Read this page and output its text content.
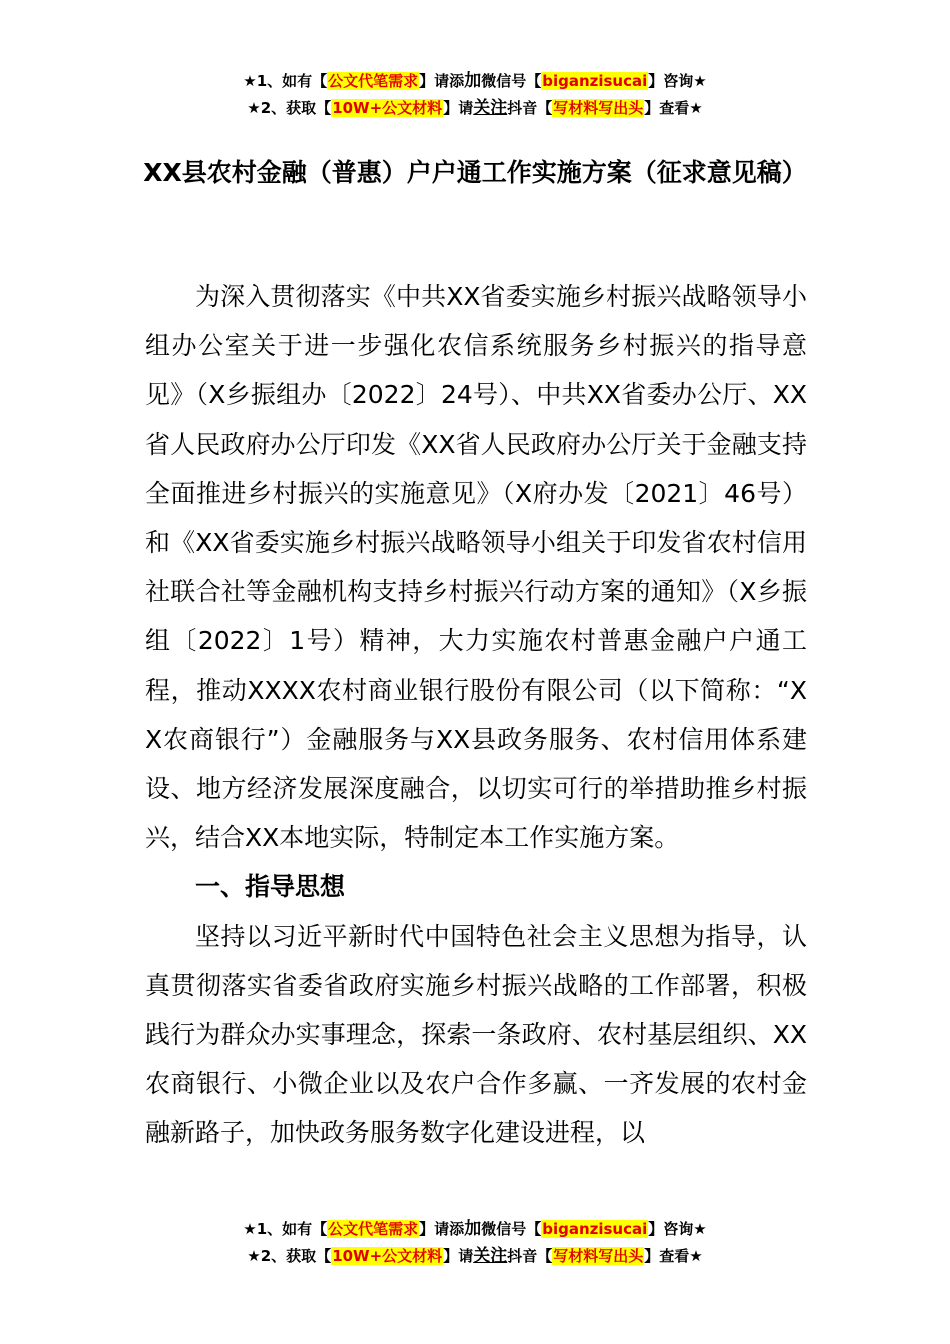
★1、如有【公文代笔需求】请添加微信号【biganzisucai】咨询★
★2、获取【10W+公文材料】请关注抖音【写材料写出头】查看★
XX县农村金融（普惠）户户通工作实施方案（征求意见稿）

为深入贯彻落实《中共XX省委实施乡村振兴战略领导小组办公室关于进一步强化农信系统服务乡村振兴的指导意见》（X乡振组办〔2022〕24号）、中共XX省委办公厅、XX省人民政府办公厅印发《XX省人民政府办公厅关于金融支持全面推进乡村振兴的实施意见》（X府办发〔2021〕46号）和《XX省委实施乡村振兴战略领导小组关于印发省农村信用社联合社等金融机构支持乡村振兴行动方案的通知》（X乡振组〔2022〕1号）精神，大力实施农村普惠金融户户通工程，推动XXXX农村商业银行股份有限公司（以下简称：“XX农商银行”）金融服务与XX县政务服务、农村信用体系建设、地方经济发展深度融合，以切实可行的举措助推乡村振兴，结合XX本地实际，特制定本工作实施方案。

一、指导思想

坚持以习近平新时代中国特色社会主义思想为指导，认真贯彻落实省委省政府实施乡村振兴战略的工作部署，积极践行为群众办实事理念，探索一条政府、农村基层组织、XX农商银行、小微企业以及农户合作多赢、一齐发展的农村金融新路子，加快政务服务数字化建设进程，以

★1、如有【公文代笔需求】请添加微信号【biganzisucai】咨询★
★2、获取【10W+公文材料】请关注抖音【写材料写出头】查看★
